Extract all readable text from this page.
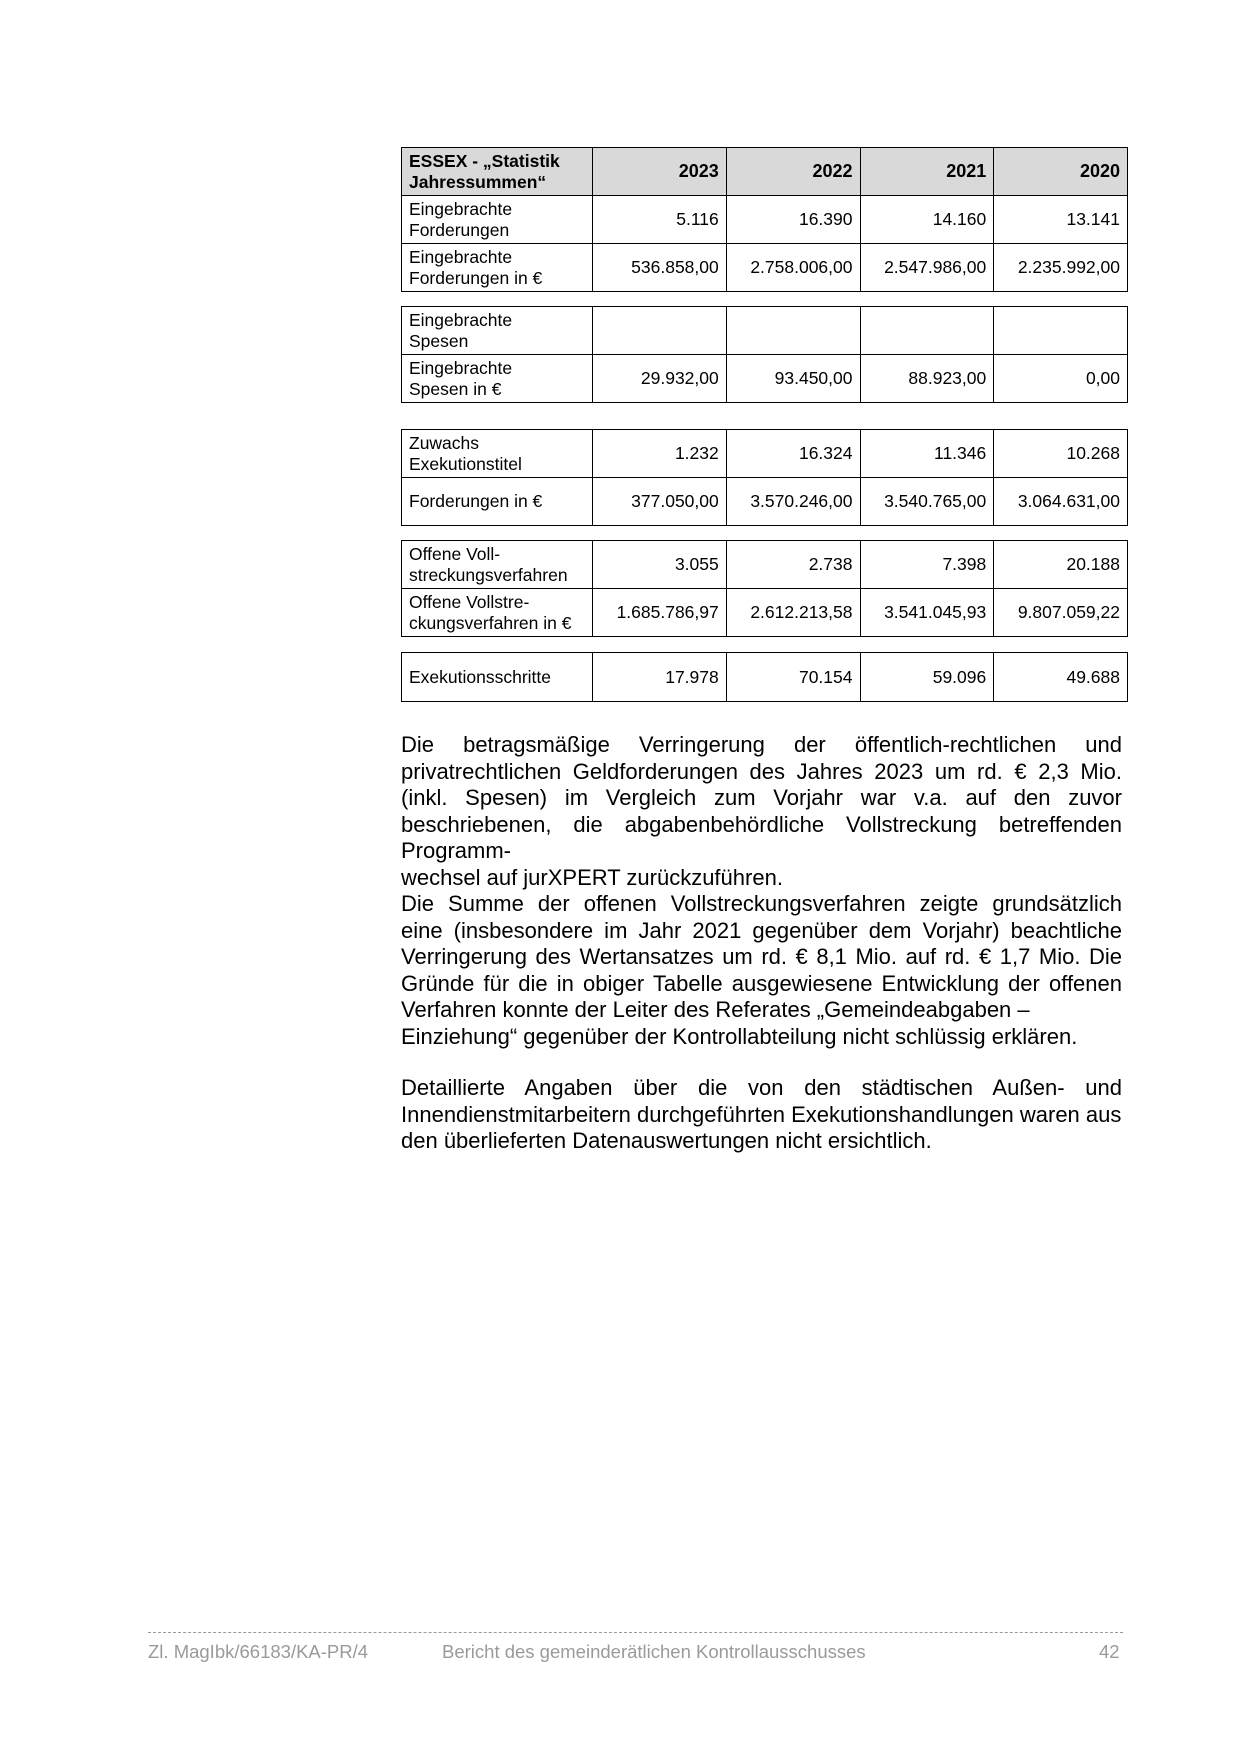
ESSEX - „Statistik
Jahressummen“	2023	2022	2021	2020
Eingebrachte
Forderungen	5.116	16.390	14.160	13.141
Eingebrachte
Forderungen in €	536.858,00	2.758.006,00	2.547.986,00	2.235.992,00
Eingebrachte
Spesen				
Eingebrachte
Spesen in €	29.932,00	93.450,00	88.923,00	0,00
Zuwachs
Exekutionstitel	1.232	16.324	11.346	10.268
Forderungen in €	377.050,00	3.570.246,00	3.540.765,00	3.064.631,00
Offene Voll-
streckungsverfahren	3.055	2.738	7.398	20.188
Offene Vollstre-
ckungsverfahren in €	1.685.786,97	2.612.213,58	3.541.045,93	9.807.059,22
Exekutionsschritte	17.978	70.154	59.096	49.688

Die betragsmäßige Verringerung der öffentlich-rechtlichen und privatrechtlichen Geldforderungen des Jahres 2023 um rd. € 2,3 Mio. (inkl. Spesen) im Vergleich zum Vorjahr war v.a. auf den zuvor beschriebenen, die abgabenbehördliche Vollstreckung betreffenden Programm-
wechsel auf jurXPERT zurückzuführen.

Die Summe der offenen Vollstreckungsverfahren zeigte grundsätzlich eine (insbesondere im Jahr 2021 gegenüber dem Vorjahr) beachtliche Verringerung des Wertansatzes um rd. € 8,1 Mio. auf rd. € 1,7 Mio. Die Gründe für die in obiger Tabelle ausgewiesene Entwicklung der offenen Verfahren konnte der Leiter des Referates „Gemeindeabgaben –
Einziehung“ gegenüber der Kontrollabteilung nicht schlüssig erklären.

Detaillierte Angaben über die von den städtischen Außen- und Innendienstmitarbeitern durchgeführten Exekutionshandlungen waren aus
den überlieferten Datenauswertungen nicht ersichtlich.

Zl. MagIbk/66183/KA-PR/4	Bericht des gemeinderätlichen Kontrollausschusses	42
